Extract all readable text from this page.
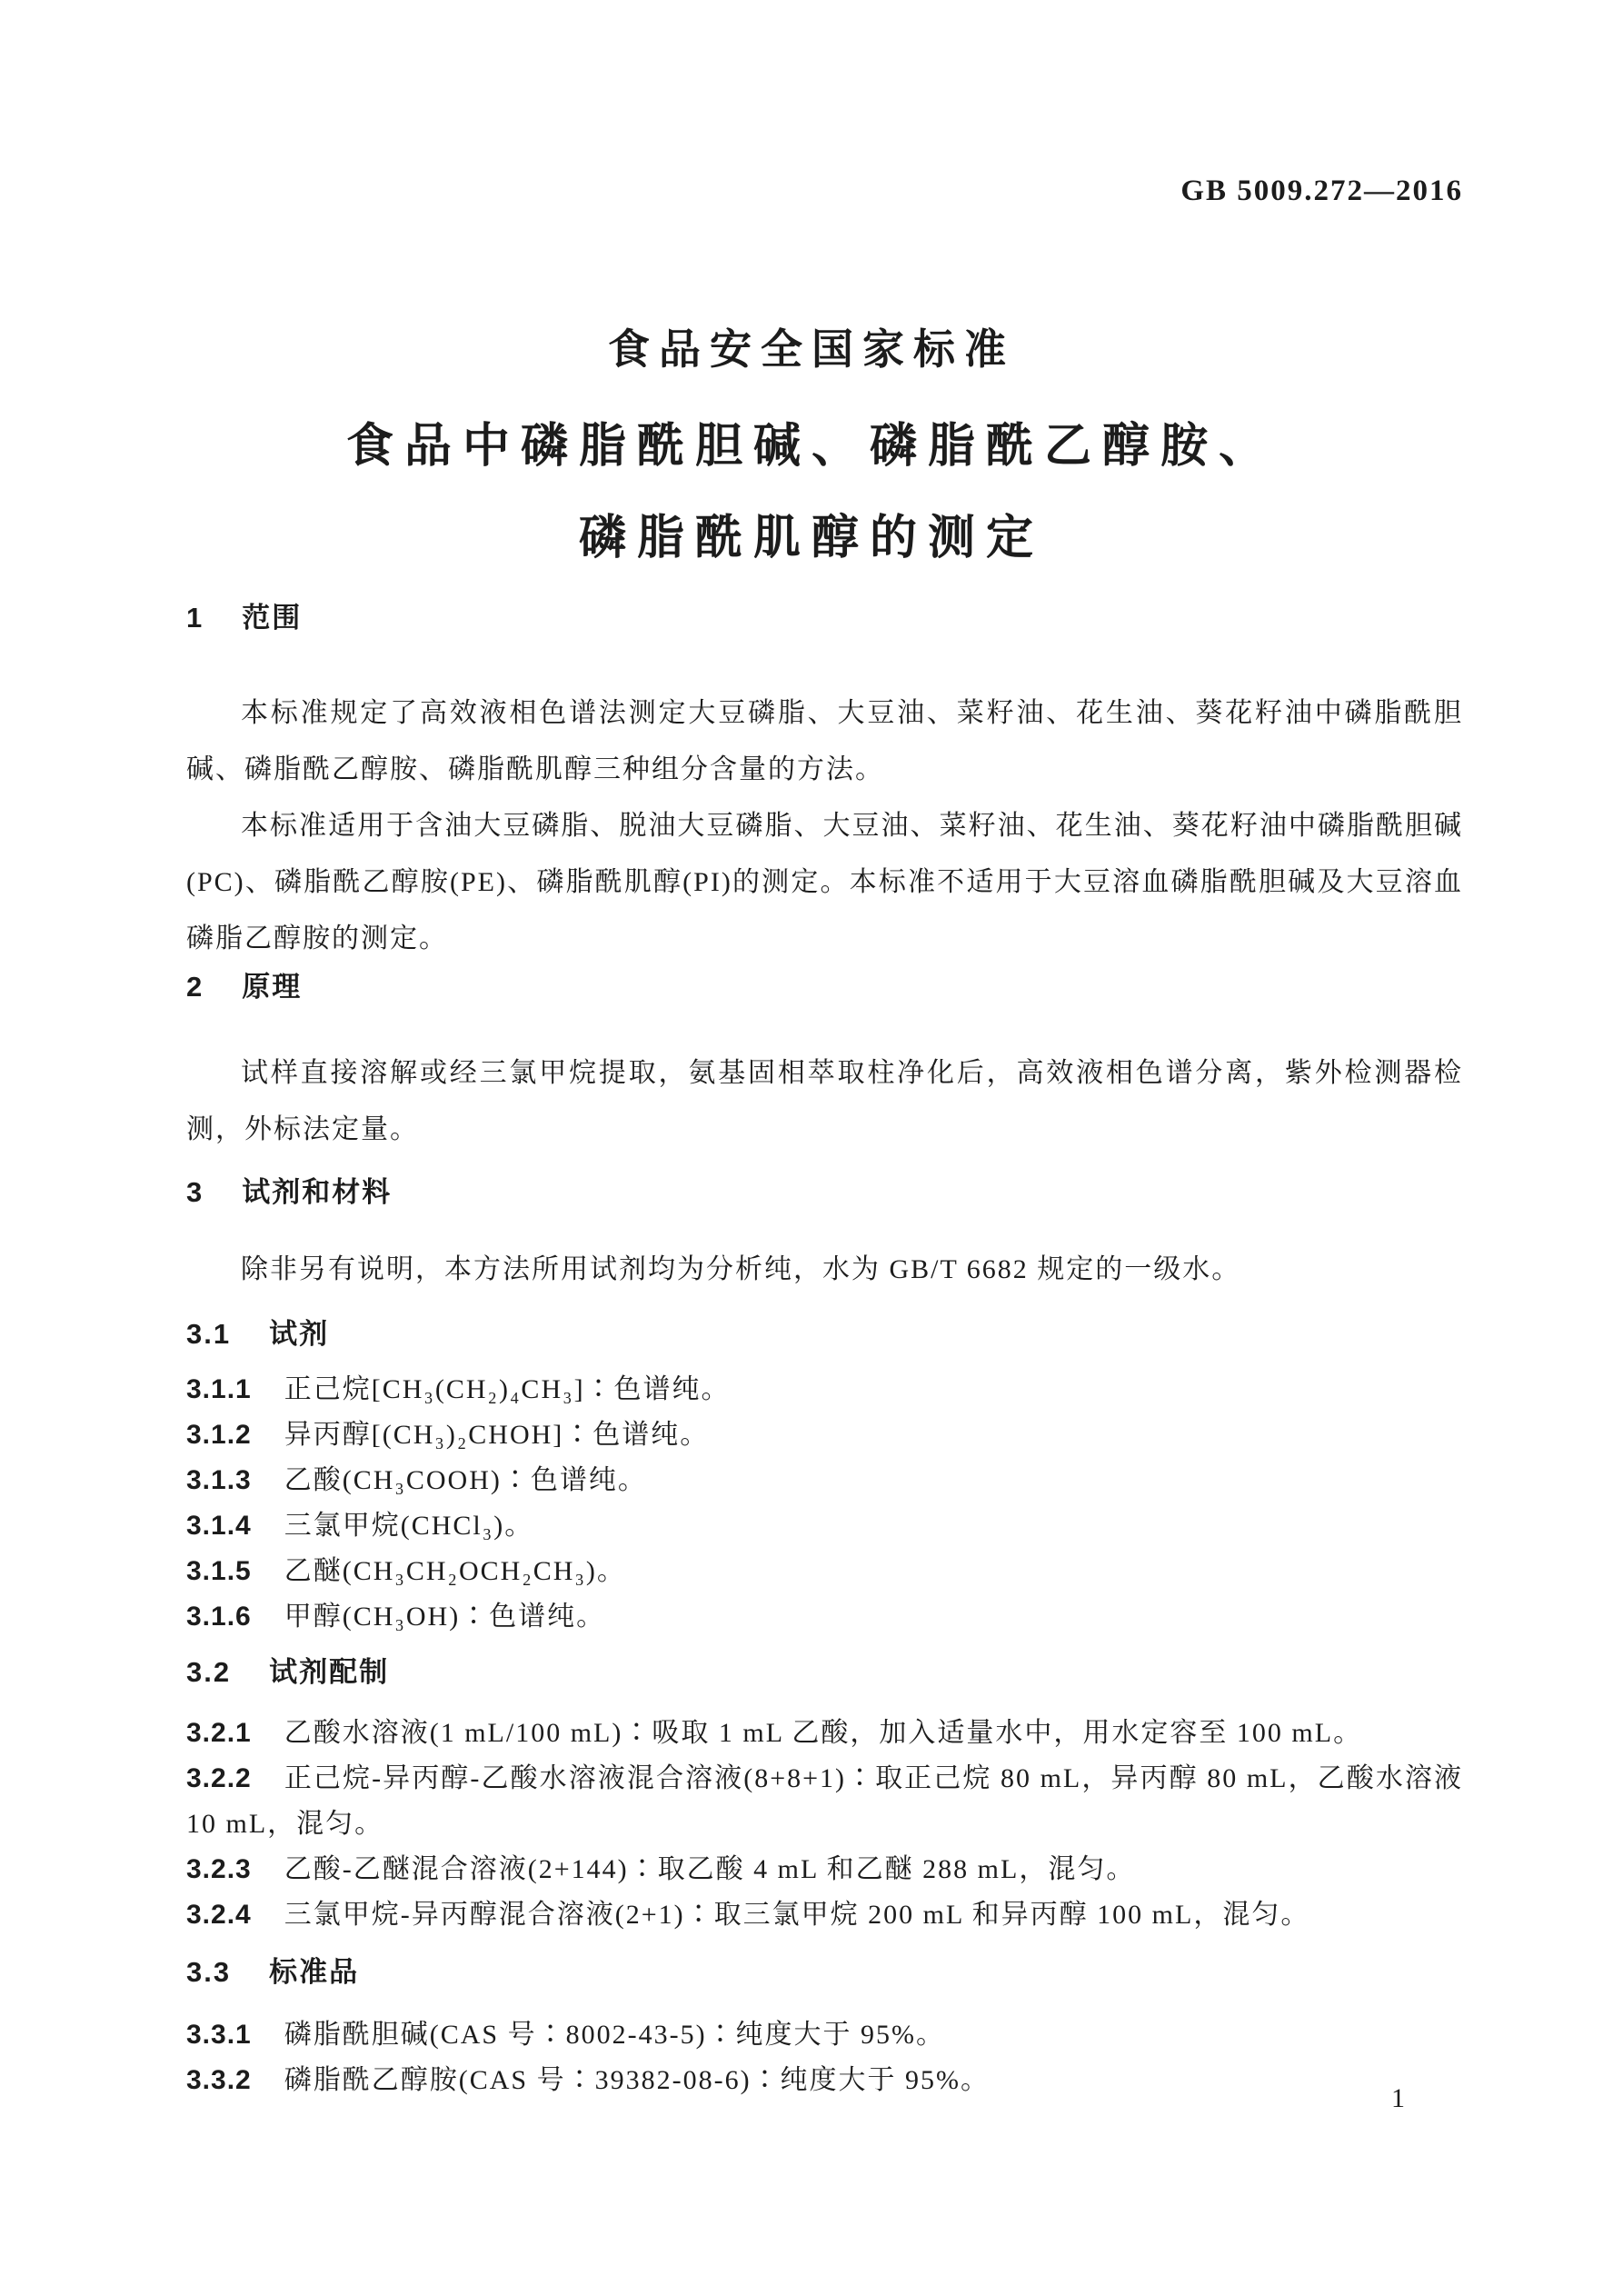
GB 5009.272—2016
食品安全国家标准
食品中磷脂酰胆碱、磷脂酰乙醇胺、
磷脂酰肌醇的测定
1 范围

本标准规定了高效液相色谱法测定大豆磷脂、大豆油、菜籽油、花生油、葵花籽油中磷脂酰胆碱、磷脂酰乙醇胺、磷脂酰肌醇三种组分含量的方法。

本标准适用于含油大豆磷脂、脱油大豆磷脂、大豆油、菜籽油、花生油、葵花籽油中磷脂酰胆碱(PC)、磷脂酰乙醇胺(PE)、磷脂酰肌醇(PI)的测定。本标准不适用于大豆溶血磷脂酰胆碱及大豆溶血磷脂乙醇胺的测定。

2 原理

试样直接溶解或经三氯甲烷提取，氨基固相萃取柱净化后，高效液相色谱分离，紫外检测器检测，外标法定量。

3 试剂和材料

除非另有说明，本方法所用试剂均为分析纯，水为 GB/T 6682 规定的一级水。

3.1 试剂
3.1.1 正己烷[CH₃(CH₂)₄CH₃]∶色谱纯。
3.1.2 异丙醇[(CH₃)₂CHOH]∶色谱纯。
3.1.3 乙酸(CH₃COOH)∶色谱纯。
3.1.4 三氯甲烷(CHCl₃)。
3.1.5 乙醚(CH₃CH₂OCH₂CH₃)。
3.1.6 甲醇(CH₃OH)∶色谱纯。
3.2 试剂配制
3.2.1 乙酸水溶液(1 mL/100 mL)∶吸取 1 mL 乙酸，加入适量水中，用水定容至 100 mL。
3.2.2 正己烷-异丙醇-乙酸水溶液混合溶液(8+8+1)∶取正己烷 80 mL，异丙醇 80 mL，乙酸水溶液 10 mL，混匀。
3.2.3 乙酸-乙醚混合溶液(2+144)∶取乙酸 4 mL 和乙醚 288 mL，混匀。
3.2.4 三氯甲烷-异丙醇混合溶液(2+1)∶取三氯甲烷 200 mL 和异丙醇 100 mL，混匀。
3.3 标准品
3.3.1 磷脂酰胆碱(CAS 号∶8002-43-5)∶纯度大于 95%。
3.3.2 磷脂酰乙醇胺(CAS 号∶39382-08-6)∶纯度大于 95%。
1
